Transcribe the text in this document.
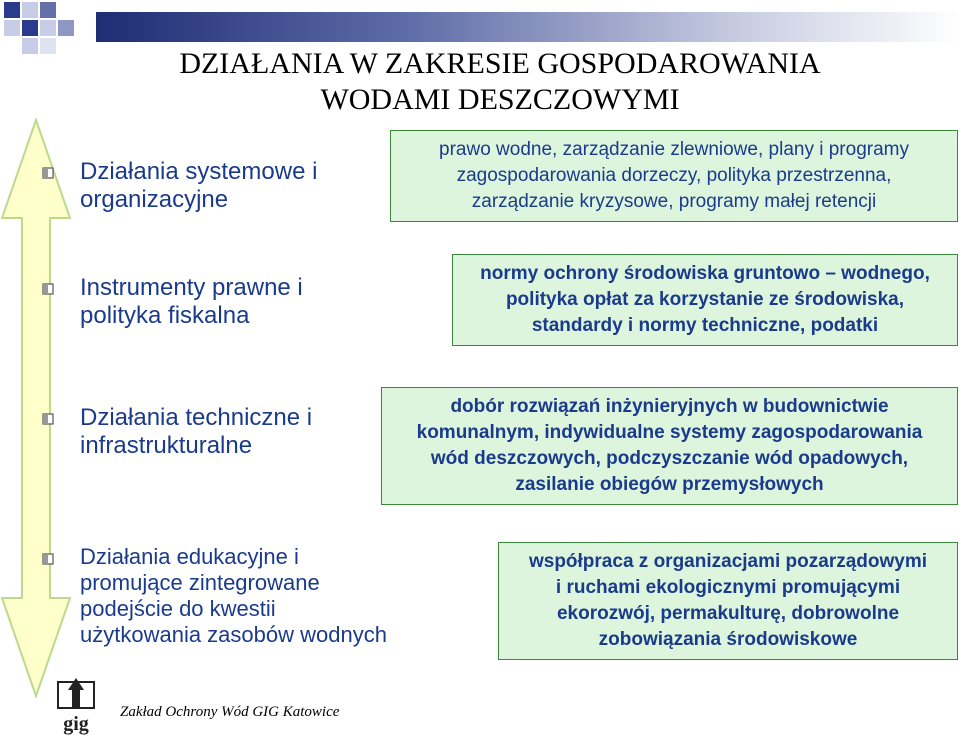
DZIAŁANIA W ZAKRESIE GOSPODAROWANIA
WODAMI DESZCZOWYMI

Działania systemowe i
organizacyjne

prawo wodne, zarządzanie zlewniowe, plany i programy
zagospodarowania dorzeczy, polityka przestrzenna,
zarządzanie kryzysowe, programy małej retencji

Instrumenty prawne i
polityka fiskalna

normy ochrony środowiska gruntowo – wodnego,
polityka opłat za korzystanie ze środowiska,
standardy i normy techniczne, podatki

Działania techniczne i
infrastrukturalne

dobór rozwiązań inżynieryjnych w budownictwie
komunalnym, indywidualne systemy zagospodarowania
wód deszczowych, podczyszczanie wód opadowych,
zasilanie obiegów przemysłowych

Działania edukacyjne i
promujące zintegrowane
podejście do kwestii
użytkowania zasobów wodnych

współpraca z organizacjami pozarządowymi
i ruchami ekologicznymi promującymi
ekorozwój, permakulturę, dobrowolne
zobowiązania środowiskowe
gig
Zakład Ochrony Wód GIG Katowice
